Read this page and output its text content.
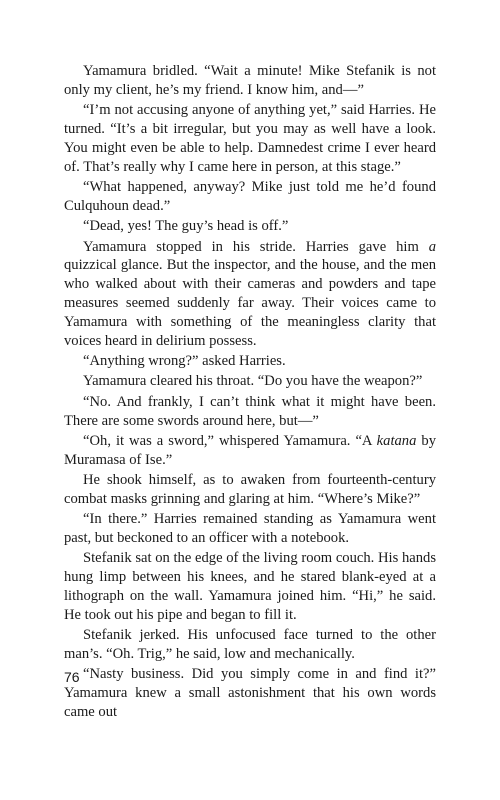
Yamamura bridled. “Wait a minute! Mike Stefanik is not only my client, he’s my friend. I know him, and—”

“I’m not accusing anyone of anything yet,” said Harries. He turned. “It’s a bit irregular, but you may as well have a look. You might even be able to help. Damnedest crime I ever heard of. That’s really why I came here in person, at this stage.”

“What happened, anyway? Mike just told me he’d found Culquhoun dead.”

“Dead, yes! The guy’s head is off.”

Yamamura stopped in his stride. Harries gave him a quizzical glance. But the inspector, and the house, and the men who walked about with their cameras and powders and tape measures seemed suddenly far away. Their voices came to Yamamura with something of the meaningless clarity that voices heard in delirium possess.

“Anything wrong?” asked Harries.

Yamamura cleared his throat. “Do you have the weapon?”

“No. And frankly, I can’t think what it might have been. There are some swords around here, but—”

“Oh, it was a sword,” whispered Yamamura. “A katana by Muramasa of Ise.”

He shook himself, as to awaken from fourteenth-century combat masks grinning and glaring at him. “Where’s Mike?”

“In there.” Harries remained standing as Yamamura went past, but beckoned to an officer with a notebook.

Stefanik sat on the edge of the living room couch. His hands hung limp between his knees, and he stared blank-eyed at a lithograph on the wall. Yamamura joined him. “Hi,” he said. He took out his pipe and began to fill it.

Stefanik jerked. His unfocused face turned to the other man’s. “Oh. Trig,” he said, low and mechanically.

“Nasty business. Did you simply come in and find it?” Yamamura knew a small astonishment that his own words came out

76
